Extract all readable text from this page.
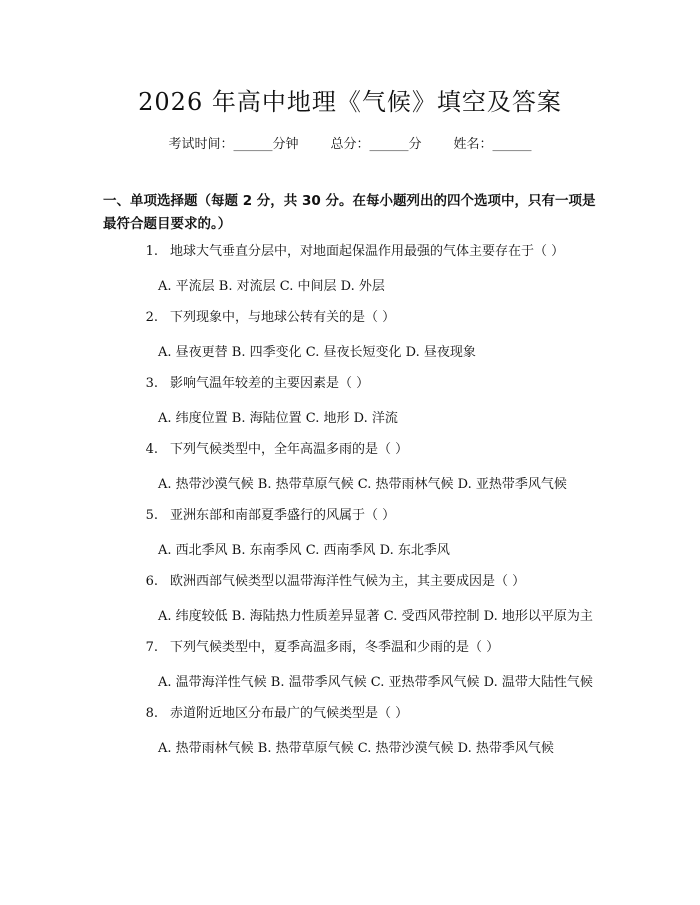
2026 年高中地理《气候》填空及答案
考试时间：______分钟 总分：______分 姓名：______
一、单项选择题（每题 2 分，共 30 分。在每小题列出的四个选项中，只有一项是最符合题目要求的。）
1. 地球大气垂直分层中，对地面起保温作用最强的气体主要存在于（ ）
A. 平流层 B. 对流层 C. 中间层 D. 外层
2. 下列现象中，与地球公转有关的是（ ）
A. 昼夜更替 B. 四季变化 C. 昼夜长短变化 D. 昼夜现象
3. 影响气温年较差的主要因素是（ ）
A. 纬度位置 B. 海陆位置 C. 地形 D. 洋流
4. 下列气候类型中，全年高温多雨的是（ ）
A. 热带沙漠气候 B. 热带草原气候 C. 热带雨林气候 D. 亚热带季风气候
5. 亚洲东部和南部夏季盛行的风属于（ ）
A. 西北季风 B. 东南季风 C. 西南季风 D. 东北季风
6. 欧洲西部气候类型以温带海洋性气候为主，其主要成因是（ ）
A. 纬度较低 B. 海陆热力性质差异显著 C. 受西风带控制 D. 地形以平原为主
7. 下列气候类型中，夏季高温多雨，冬季温和少雨的是（ ）
A. 温带海洋性气候 B. 温带季风气候 C. 亚热带季风气候 D. 温带大陆性气候
8. 赤道附近地区分布最广的气候类型是（ ）
A. 热带雨林气候 B. 热带草原气候 C. 热带沙漠气候 D. 热带季风气候
